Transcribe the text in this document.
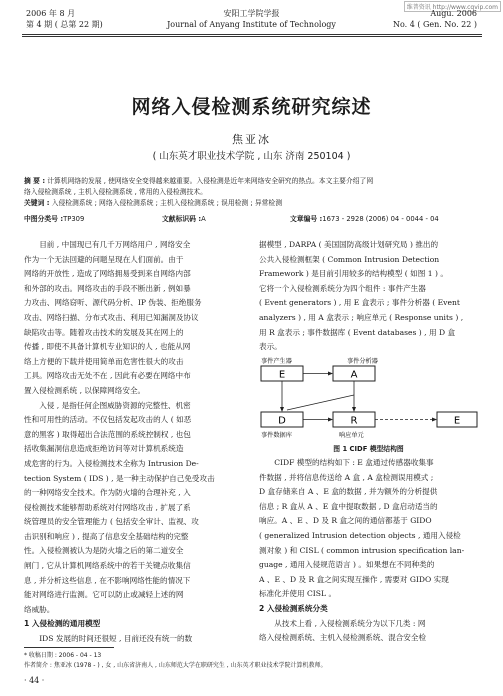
维普资讯 http://www.cqvip.com
2006 年 8 月
第 4 期 ( 总第 22 期)
安阳工学院学报
Journal of Anyang Institute of Technology
Augu. 2006
No. 4 ( Gen. No. 22 )
网络入侵检测系统研究综述
焦亚冰
( 山东英才职业技术学院 , 山东 济南 250104 )
摘 要 : 计算机网络的发展 , 使网络安全变得越来越重要。入侵检测是近年来网络安全研究的热点。本文主要介绍了网
络入侵检测系统 , 主机入侵检测系统 , 常用的入侵检测技术。
关键词 : 入侵检测系统 ; 网络入侵检测系统 ; 主机入侵检测系统 ; 误用检测 ; 异常检测
中图分类号 :TP309	文献标识码 :A	文章编号 :1673 - 2928 (2006) 04 - 0044 - 04

目前 , 中国现已有几千万网络用户 , 网络安全
作为一个无法回避的问题呈现在人们面前。由于
网络的开放性 , 造成了网络拥易受到来自网络内部
和外部的攻击。网络攻击的手段不断出新 , 例如暴
力攻击、网络窃听、源代码分析、IP 伪装、拒绝服务
攻击、网络扫描、分布式攻击、利用已知漏洞及协议
缺陷攻击等。随着攻击技术的发展及其在网上的
传播 , 即使不具备计算机专业知识的人 , 也能从网
络上方便的下载并使用简单而危害性很大的攻击
工具。网络攻击无处不在 , 因此有必要在网络中布
置入侵检测系统 , 以保障网络安全。

入侵 , 是指任何企图威胁资源的完整性、机密
性和可用性的活动。不仅包括发起攻击的人 ( 如恶
意的黑客 ) 取得超出合法范围的系统控制权 , 也包
括收集漏洞信息造成拒绝访问等对计算机系统造
成危害的行为。入侵检测技术全称为 Intrusion De-
tection System ( IDS ) , 是一种主动保护自己免受攻击
的一种网络安全技术。作为防火墙的合理补充 , 入
侵检测技术能够帮助系统对付网络攻击 , 扩展了系
统管理员的安全管理能力 ( 包括安全审计、监视、攻
击识别和响应 ) , 提高了信息安全基础结构的完整
性。入侵检测被认为是防火墙之后的第二道安全
闸门 , 它从计算机网络系统中的若干关键点收集信
息 , 并分析这些信息 , 在不影响网络性能的情况下
能对网络进行监测。它可以防止或减轻上述的网
络威胁。

1 入侵检测的通用模型

IDS 发展的时间还很短 , 目前还没有统一的数

据模型 , DARPA ( 美国国防高级计划研究局 ) 推出的
公共入侵检测框架 ( Common Intrusion Detection
Framework ) 是目前引用较多的结构模型 ( 如图 1 ) 。
它将一个入侵检测系统分为四个组件 : 事件产生器
( Event generators ) , 用 E 盒表示 ; 事件分析器 ( Event
analyzers ) , 用 A 盒表示 ; 响应单元 ( Response units ) ,
用 R 盒表示 ; 事件数据库 ( Event databases ) , 用 D 盒
表示。
事件产生器	事件分析器
E	A
D	R	E
事件数据库	响应单元
图 1 CIDF 模型结构图

CIDF 模型的结构如下 : E 盒通过传感器收集事
件数据 , 并将信息传送给 A 盒 , A 盒检测误用模式 ;
D 盒存储来自 A 、E 盒的数据 , 并为额外的分析提供
信息 ; R 盒从 A 、E 盒中提取数据 , D 盒启动适当的
响应。A 、E 、D 及 R 盒之间的通信都基于 GIDO
( generalized Intrusion detection objects , 通用入侵检
测对象 ) 和 CISL ( common intrusion specification lan-
guage , 通用入侵规范语言 ) 。如果想在不同种类的
A 、E 、D 及 R 盒之间实现互操作 , 需要对 GIDO 实现
标准化并使用 CISL 。

2 入侵检测系统分类

从技术上看 , 入侵检测系统分为以下几类 : 网
络入侵检测系统、主机入侵检测系统、混合安全检

* 收稿日期 : 2006 - 04 - 13
作者简介 : 焦亚冰 (1978 - ) , 女 , 山东省济南人 , 山东师范大学在职研究生 , 山东英才职业技术学院计算机教师。
· 44 ·
